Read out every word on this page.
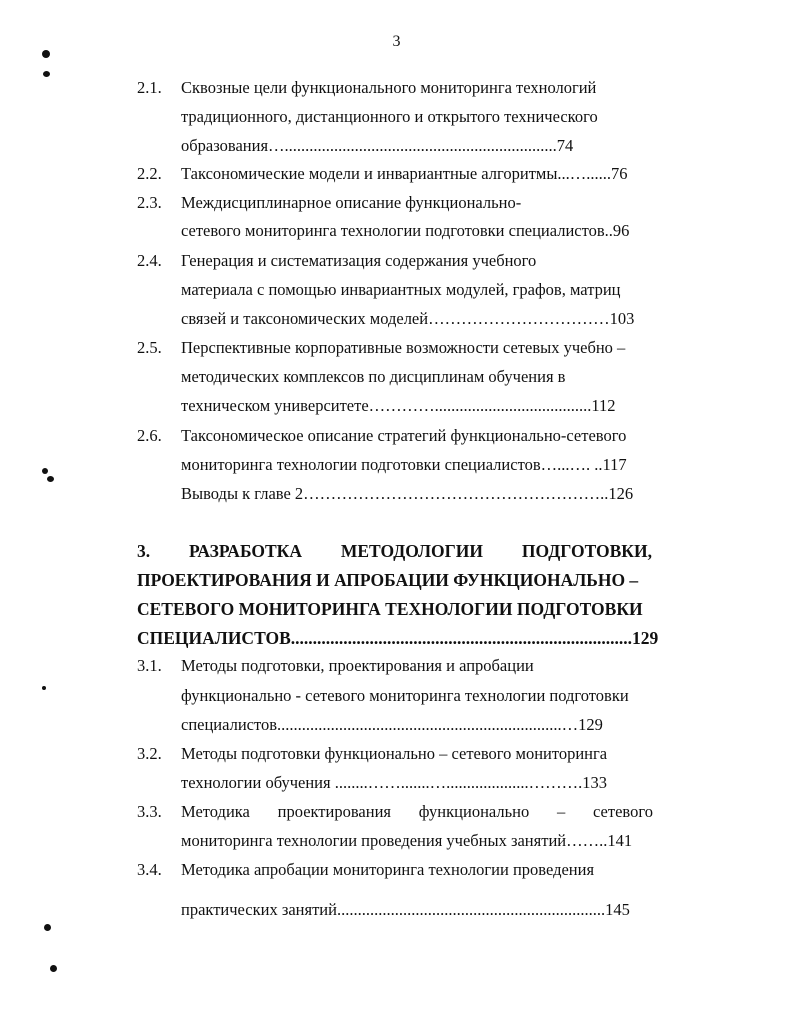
3
2.1. Сквозные цели функционального мониторинга технологий
традиционного, дистанционного и открытого технического
образования…..................................................................74
2.2. Таксономические модели и инвариантные алгоритмы...…......76
2.3. Междисциплинарное описание функционально-
сетевого мониторинга технологии подготовки специалистов..96
2.4. Генерация и систематизация содержания учебного
материала с помощью инвариантных модулей, графов, матриц
связей и таксономических моделей……………………………103
2.5. Перспективные корпоративные возможности сетевых учебно –
методических комплексов по дисциплинам обучения в
техническом университете…………......................................112
2.6. Таксономическое описание стратегий функционально-сетевого
мониторинга технологии подготовки специалистов…...…. ..117
Выводы к главе 2………………………………………………..126
3. РАЗРАБОТКА МЕТОДОЛОГИИ ПОДГОТОВКИ,
ПРОЕКТИРОВАНИЯ И АПРОБАЦИИ ФУНКЦИОНАЛЬНО –
СЕТЕВОГО МОНИТОРИНГА ТЕХНОЛОГИИ ПОДГОТОВКИ
СПЕЦИАЛИСТОВ..............................................................................129
3.1. Методы подготовки, проектирования и апробации
функционально - сетевого мониторинга технологии подготовки
специалистов.....................................................................…129
3.2. Методы подготовки функционально – сетевого мониторинга
технологии обучения ........…….......…....................……….133
3.3. Методика проектирования функционально – сетевого
мониторинга технологии проведения учебных занятий……..141
3.4. Методика апробации мониторинга технологии проведения
практических занятий.................................................................145
